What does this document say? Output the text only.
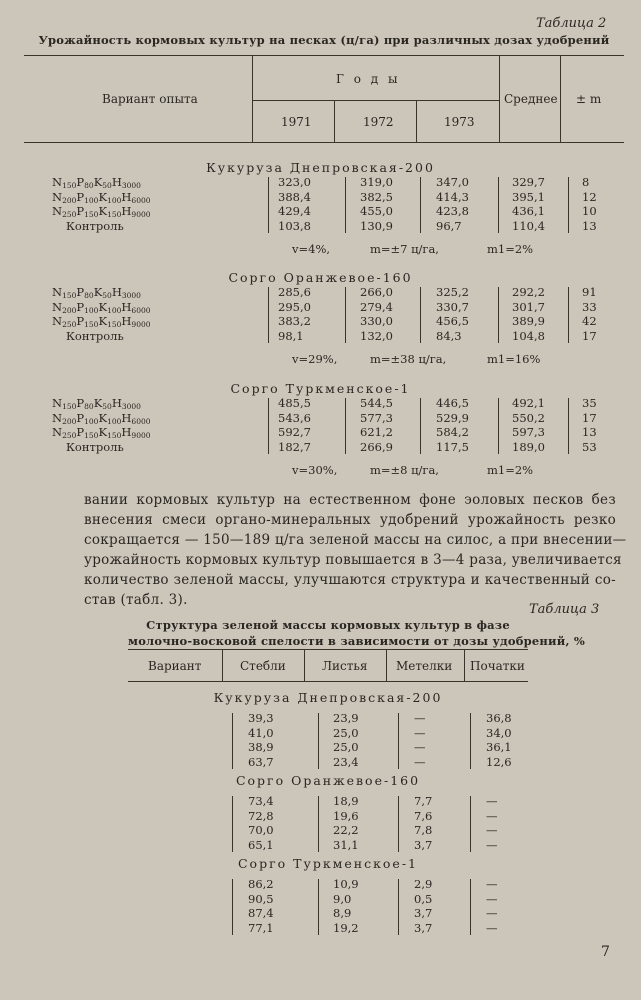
Таблица 2
Урожайность кормовых культур на песках (ц/га) при различных дозах удобрений
Вариант опыта
Г о д ы
1971	1972	1973
Среднее ± m
Кукуруза Днепровская-200
N150P80K50H3000	323,0	319,0	347,0	329,7	8
N200P100K100H6000	388,4	382,5	414,3	395,1	12
N250P150K150H9000	429,4	455,0	423,8	436,1	10
Контроль	103,8	130,9	96,7	110,4	13
v=4%,	m=±7 ц/га,	m1=2%
Сорго Оранжевое-160
N150P80K50H3000	285,6	266,0	325,2	292,2	91
N200P100K100H6000	295,0	279,4	330,7	301,7	33
N250P150K150H9000	383,2	330,0	456,5	389,9	42
Контроль	98,1	132,0	84,3	104,8	17
v=29%,	m=±38 ц/га,	m1=16%
Сорго Туркменское-1
N150P80K50H3000	485,5	544,5	446,5	492,1	35
N200P100K100H6000	543,6	577,3	529,9	550,2	17
N250P150K150H9000	592,7	621,2	584,2	597,3	13
Контроль	182,7	266,9	117,5	189,0	53
v=30%,	m=±8 ц/га,	m1=2%
вании кормовых культур на естественном фоне эоловых песков без
внесения смеси органо-минеральных удобрений урожайность резко
сокращается — 150—189 ц/га зеленой массы на силос, а при внесении—
урожайность кормовых культур повышается в 3—4 раза, увеличивается
количество зеленой массы, улучшаются структура и качественный со-
став (табл. 3).
Таблица 3
Структура зеленой массы кормовых культур в фазе
молочно-восковой спелости в зависимости от дозы удобрений, %
Вариант	Стебли	Листья Метелки Початки
Кукуруза Днепровская-200
39,3	23,9	—	36,8
41,0	25,0	—	34,0
38,9	25,0	—	36,1
63,7	23,4	—	12,6
Сорго Оранжевое-160
73,4	18,9	7,7	—
72,8	19,6	7,6	—
70,0	22,2	7,8	—
65,1	31,1	3,7	—
Сорго Туркменское-1
86,2	10,9	2,9	—
90,5	9,0	0,5	—
87,4	8,9	3,7	—
77,1	19,2	3,7	—
7
